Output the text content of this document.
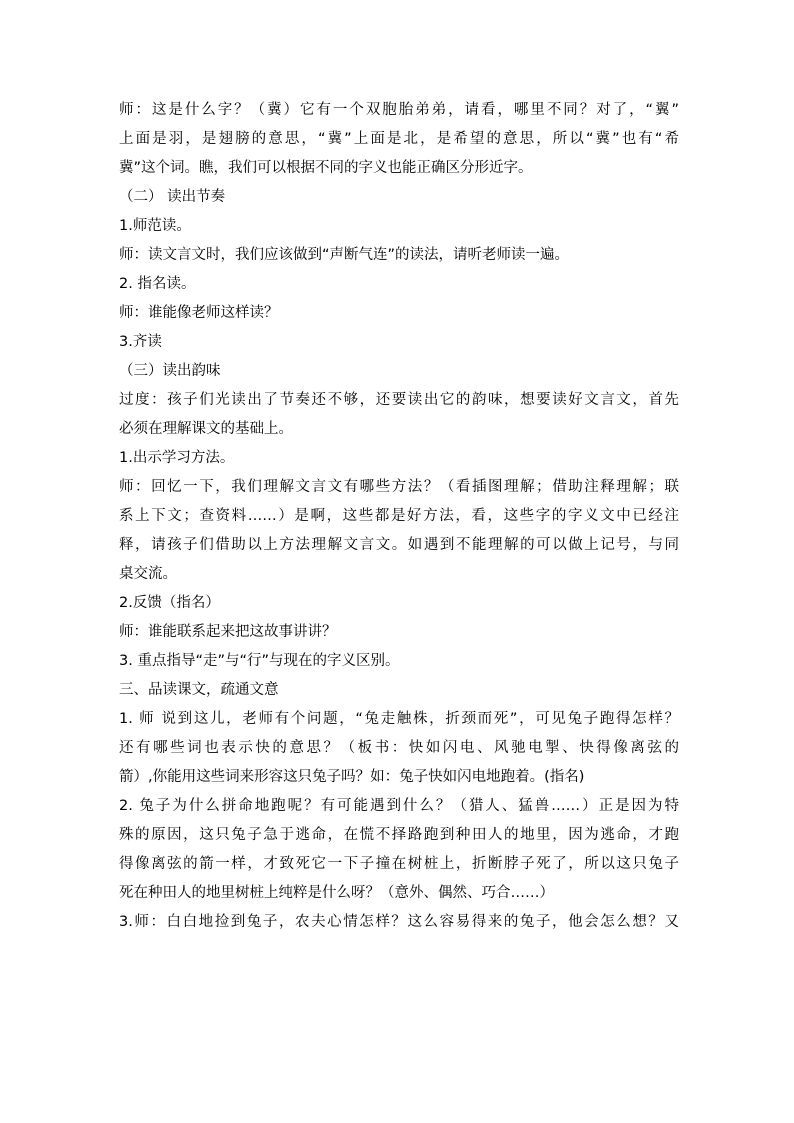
师：这是什么字？（冀）它有一个双胞胎弟弟，请看，哪里不同？对了，“翼”
上面是羽，是翅膀的意思，“冀”上面是北，是希望的意思，所以“冀”也有“希
冀”这个词。瞧，我们可以根据不同的字义也能正确区分形近字。
（二） 读出节奏
1.师范读。
师：读文言文时，我们应该做到“声断气连”的读法，请听老师读一遍。
2. 指名读。
师：谁能像老师这样读？
3.齐读
（三）读出韵味
过度：孩子们光读出了节奏还不够，还要读出它的韵味，想要读好文言文，首先
必须在理解课文的基础上。
1.出示学习方法。
师：回忆一下，我们理解文言文有哪些方法？（看插图理解；借助注释理解；联
系上下文；查资料……）是啊，这些都是好方法，看，这些字的字义文中已经注
释，请孩子们借助以上方法理解文言文。如遇到不能理解的可以做上记号，与同
桌交流。
2.反馈（指名）
师：谁能联系起来把这故事讲讲？
3. 重点指导“走”与“行”与现在的字义区别。
三、品读课文，疏通文意
1. 师 说到这儿，老师有个问题，“兔走触株，折颈而死”，可见兔子跑得怎样？
还有哪些词也表示快的意思？（板书：快如闪电、风驰电掣、快得像离弦的
箭）,你能用这些词来形容这只兔子吗？如：兔子快如闪电地跑着。(指名)
2. 兔子为什么拼命地跑呢？有可能遇到什么？（猎人、猛兽……）正是因为特
殊的原因，这只兔子急于逃命，在慌不择路跑到种田人的地里，因为逃命，才跑
得像离弦的箭一样，才致死它一下子撞在树桩上，折断脖子死了，所以这只兔子
死在种田人的地里树桩上纯粹是什么呀？（意外、偶然、巧合……）
3.师：白白地捡到兔子，农夫心情怎样？这么容易得来的兔子，他会怎么想？又
